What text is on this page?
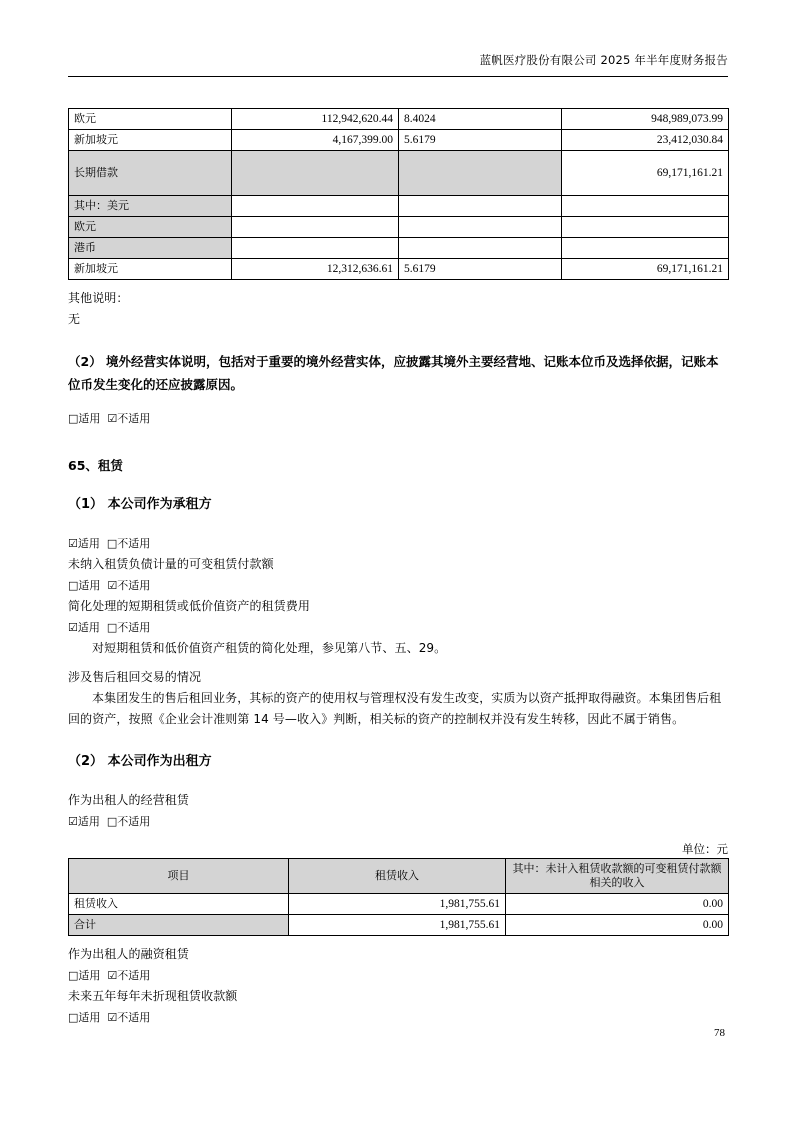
蓝帆医疗股份有限公司 2025 年半年度财务报告
欧元	112,942,620.44	8.4024	948,989,073.99
新加坡元	4,167,399.00	5.6179	23,412,030.84
长期借款			69,171,161.21
其中：美元			
欧元			
港币			
新加坡元	12,312,636.61	5.6179	69,171,161.21

其他说明：

无

（2） 境外经营实体说明，包括对于重要的境外经营实体，应披露其境外主要经营地、记账本位币及选择依据，记账本位币发生变化的还应披露原因。

□适用 ☑不适用

65、租赁

（1） 本公司作为承租方

☑适用 □不适用

未纳入租赁负债计量的可变租赁付款额

□适用 ☑不适用

简化处理的短期租赁或低价值资产的租赁费用

☑适用 □不适用

对短期租赁和低价值资产租赁的简化处理，参见第八节、五、29。

涉及售后租回交易的情况

本集团发生的售后租回业务，其标的资产的使用权与管理权没有发生改变，实质为以资产抵押取得融资。本集团售后租回的资产，按照《企业会计准则第 14 号—收入》判断，相关标的资产的控制权并没有发生转移，因此不属于销售。

（2） 本公司作为出租方

作为出租人的经营租赁

☑适用 □不适用

单位：元

项目	租赁收入	其中：未计入租赁收款额的可变租赁付款额相关的收入
租赁收入	1,981,755.61	0.00
合计	1,981,755.61	0.00

作为出租人的融资租赁

□适用 ☑不适用

未来五年每年未折现租赁收款额

□适用 ☑不适用

78
